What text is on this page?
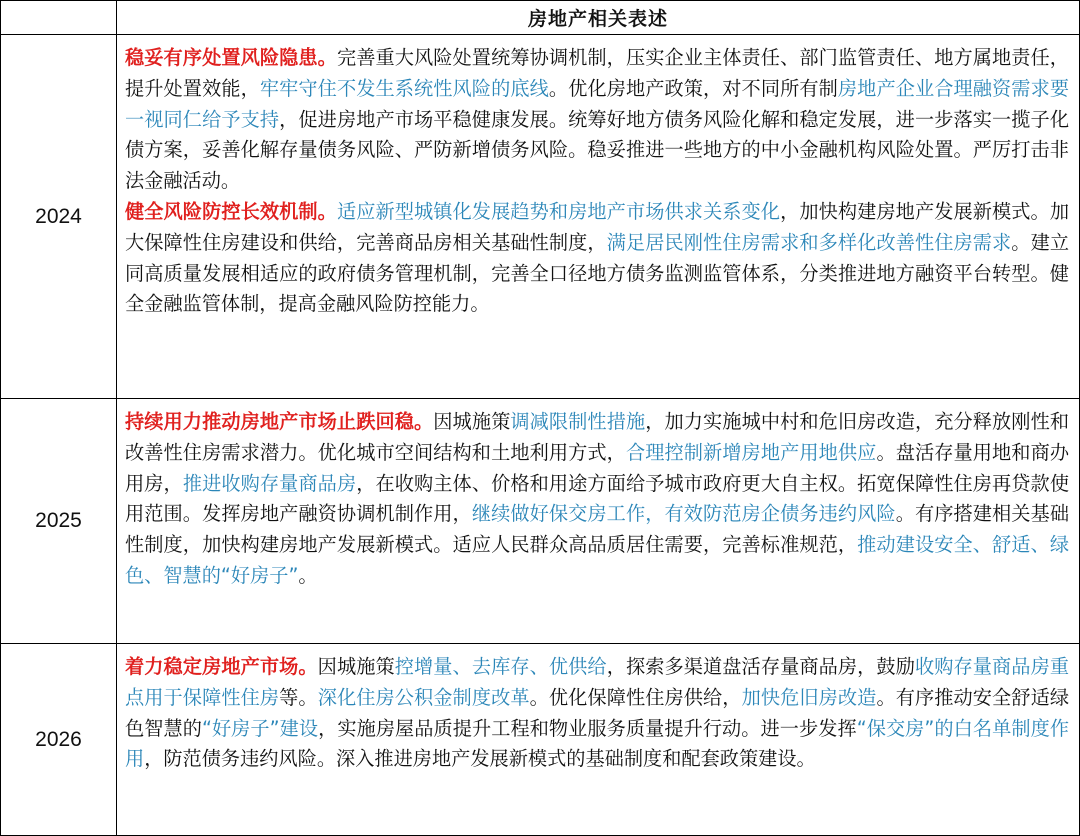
	房地产相关表述
2024	稳妥有序处置风险隐患。完善重大风险处置统筹协调机制，压实企业主体责任、部门监管责任、地方属地责任，提升处置效能，牢牢守住不发生系统性风险的底线。优化房地产政策，对不同所有制房地产企业合理融资需求要一视同仁给予支持，促进房地产市场平稳健康发展。统筹好地方债务风险化解和稳定发展，进一步落实一揽子化债方案，妥善化解存量债务风险、严防新增债务风险。稳妥推进一些地方的中小金融机构风险处置。严厉打击非法金融活动。

健全风险防控长效机制。适应新型城镇化发展趋势和房地产市场供求关系变化，加快构建房地产发展新模式。加大保障性住房建设和供给，完善商品房相关基础性制度，满足居民刚性住房需求和多样化改善性住房需求。建立同高质量发展相适应的政府债务管理机制，完善全口径地方债务监测监管体系，分类推进地方融资平台转型。健全金融监管体制，提高金融风险防控能力。

2025	持续用力推动房地产市场止跌回稳。因城施策调减限制性措施，加力实施城中村和危旧房改造，充分释放刚性和改善性住房需求潜力。优化城市空间结构和土地利用方式，合理控制新增房地产用地供应。盘活存量用地和商办用房，推进收购存量商品房，在收购主体、价格和用途方面给予城市政府更大自主权。拓宽保障性住房再贷款使用范围。发挥房地产融资协调机制作用，继续做好保交房工作，有效防范房企债务违约风险。有序搭建相关基础性制度，加快构建房地产发展新模式。适应人民群众高品质居住需要，完善标准规范，推动建设安全、舒适、绿色、智慧的“好房子”。

2026	着力稳定房地产市场。因城施策控增量、去库存、优供给，探索多渠道盘活存量商品房，鼓励收购存量商品房重点用于保障性住房等。深化住房公积金制度改革。优化保障性住房供给，加快危旧房改造。有序推动安全舒适绿色智慧的“好房子”建设，实施房屋品质提升工程和物业服务质量提升行动。进一步发挥“保交房”的白名单制度作用，防范债务违约风险。深入推进房地产发展新模式的基础制度和配套政策建设。
